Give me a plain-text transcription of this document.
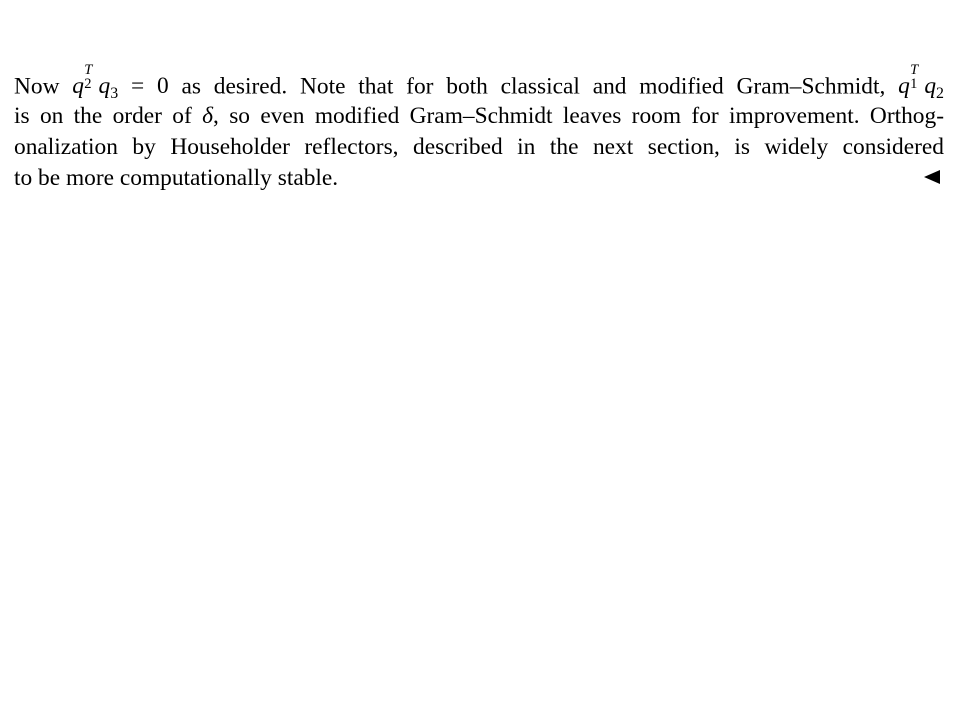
Now q
T
2 $q_3 = 0$ as desired. Note that for both classical and modified Gram–Schmidt, q
T
1 $q_2$
is on the order of δ, so even modified Gram–Schmidt leaves room for improvement. Orthog-
onalization by Householder reflectors, described in the next section, is widely considered
to be more computationally stable.
